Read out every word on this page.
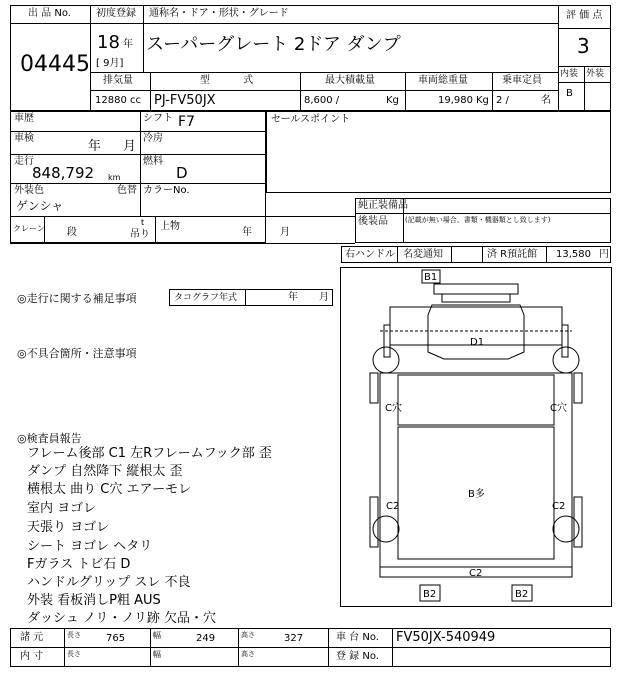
出 品 No.
04445
初度登録
18 年
[ 9月]
通称名・ドア・形状・グレード
スーパーグレート 2ドア ダンプ
評 価 点
3
内装 外装
B
排気量	型 式	最大積載量	車両総重量	乗車定員
12880 cc PJ-FV50JX	8,600 /	Kg	19,980 Kg 2 /	名
車歴	シフト F7
車検
年 月
冷房
走行
848,792 km
燃料
D
外装色
ゲンシャ
色替 カラーNo.
セールスポイント
純正装備品
後装品 (記載が無い場合、書類・機器類とし致します)
クレーン 段
t
吊り
上物
年	月
右ハンドル 名変通知	済 R預託館 13,580 円
◎走行に関する補足事項	タコグラフ年式	年 月
◎不具合箇所・注意事項
◎検査員報告
フレーム後部 C1 左Rフレームフック部 歪
ダンプ 自然降下 縦根太 歪
横根太 曲り C穴 エアーモレ
室内 ヨゴレ
天張り ヨゴレ
シート ヨゴレ ヘタリ
Fガラス トビ石 D
ハンドルグリップ スレ 不良
外装 看板消しP粗 AUS
ダッシュ ノリ・ノリ跡 欠品・穴
B1
D1
C穴	C穴
B多
C2	C2
C2
B2	B2
諸 元	長さ	765	幅	249	高さ	327	車 台 No. FV50JX-540949
内 寸	長さ	幅	高さ	登 録 No.
